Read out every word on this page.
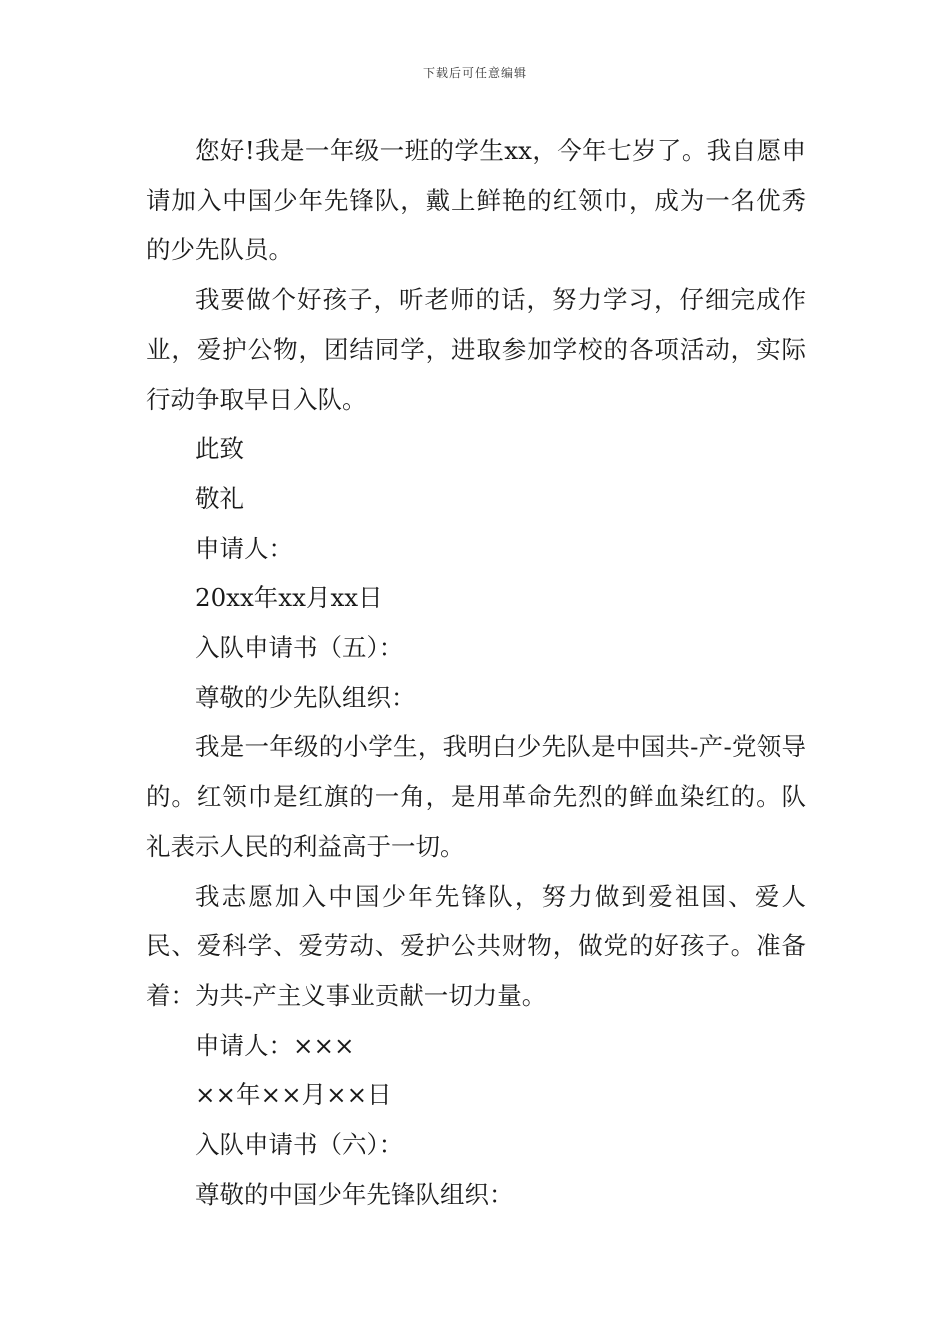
下载后可任意编辑

您好!我是一年级一班的学生xx，今年七岁了。我自愿申请加入中国少年先锋队，戴上鲜艳的红领巾，成为一名优秀的少先队员。

我要做个好孩子，听老师的话，努力学习，仔细完成作业，爱护公物，团结同学，进取参加学校的各项活动，实际行动争取早日入队。

此致

敬礼

申请人：

20xx年xx月xx日

入队申请书（五）：

尊敬的少先队组织：

我是一年级的小学生，我明白少先队是中国共-产-党领导的。红领巾是红旗的一角，是用革命先烈的鲜血染红的。队礼表示人民的利益高于一切。

我志愿加入中国少年先锋队，努力做到爱祖国、爱人民、爱科学、爱劳动、爱护公共财物，做党的好孩子。准备着：为共-产主义事业贡献一切力量。

申请人：×××

××年××月××日

入队申请书（六）：

尊敬的中国少年先锋队组织：
